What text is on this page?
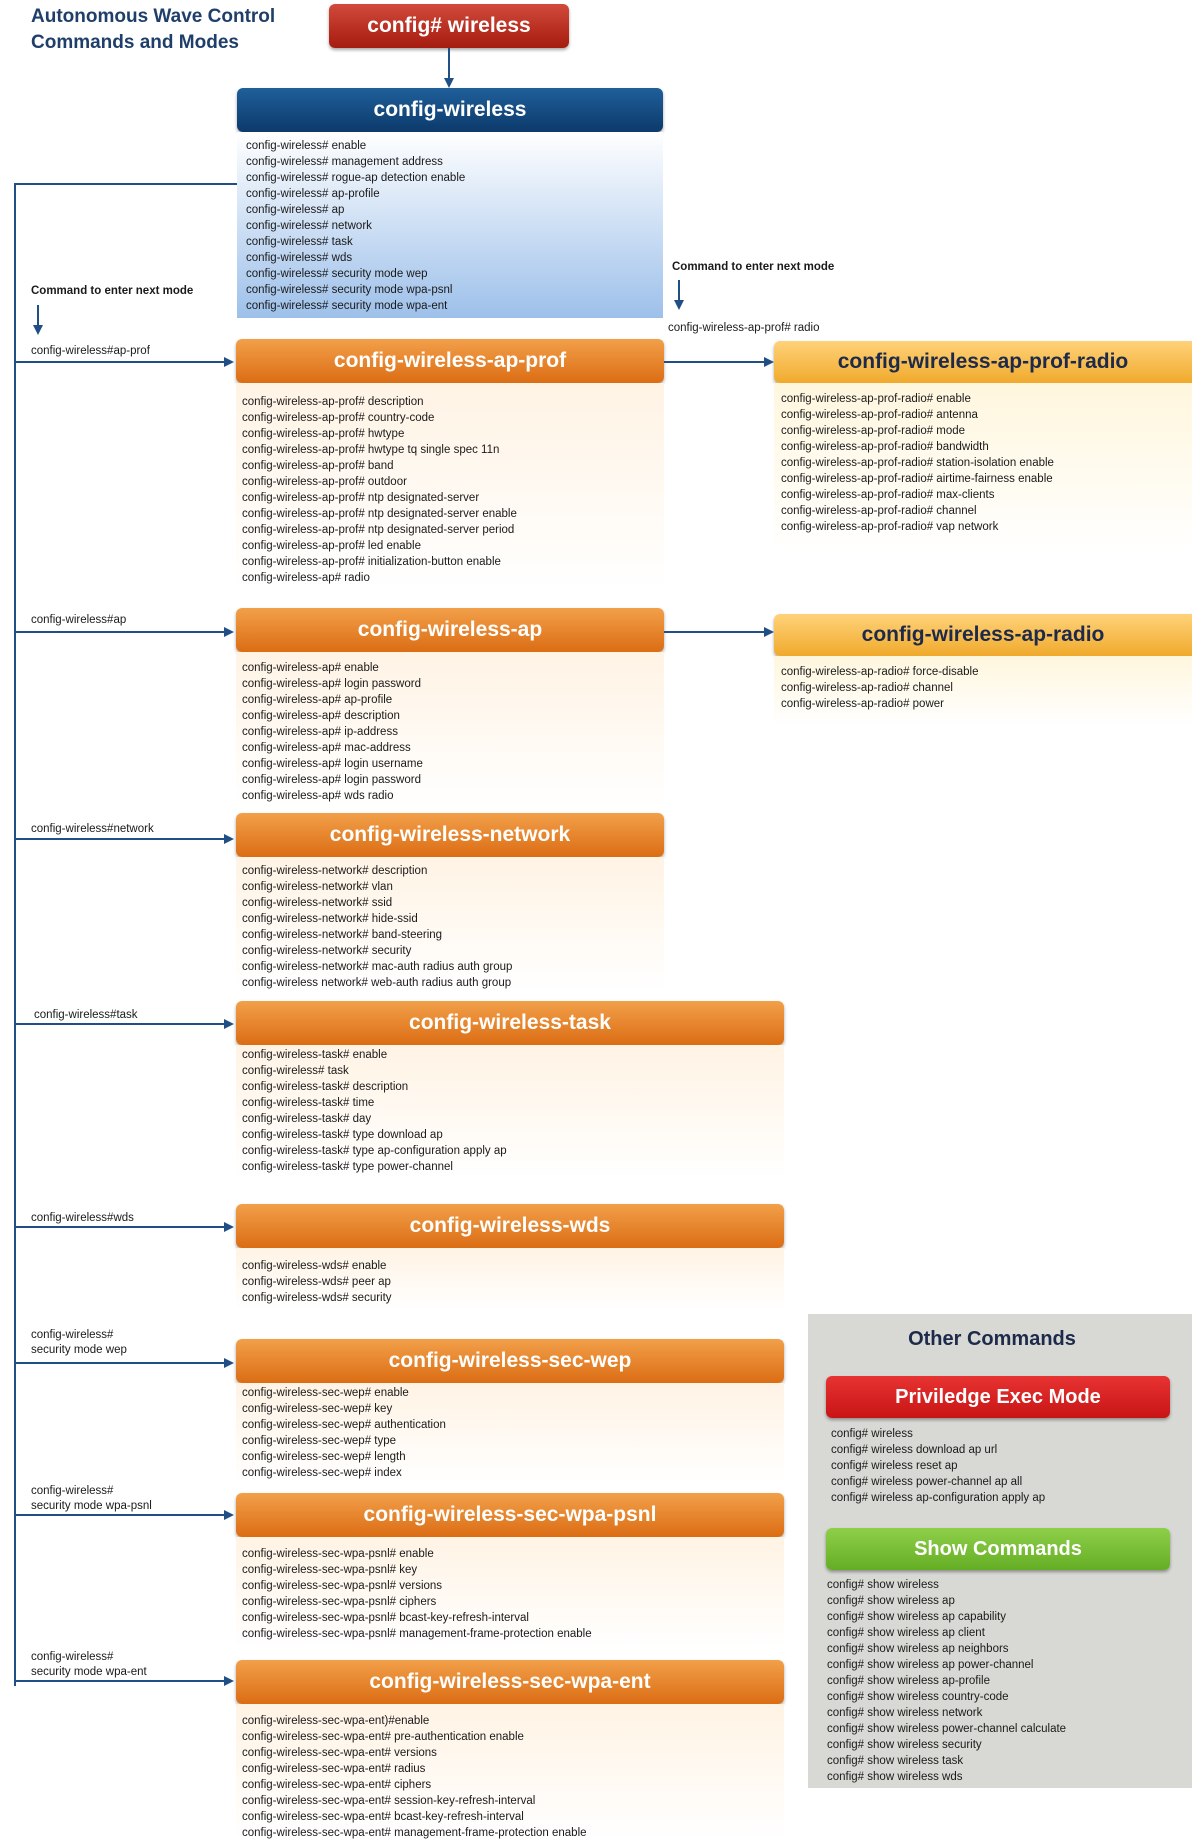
Autonomous Wave Control
Commands and Modes
config# wireless
config-wireless
config-wireless# enable
config-wireless# management address
config-wireless# rogue-ap detection enable
config-wireless# ap-profile
config-wireless# ap
config-wireless# network
config-wireless# task
config-wireless# wds
config-wireless# security mode wep
config-wireless# security mode wpa-psnl
config-wireless# security mode wpa-ent
Command to enter next mode
Command to enter next mode
config-wireless#ap-prof	config-wireless-ap-prof
config-wireless-ap-prof# description
config-wireless-ap-prof# country-code
config-wireless-ap-prof# hwtype
config-wireless-ap-prof# hwtype tq single spec 11n
config-wireless-ap-prof# band
config-wireless-ap-prof# outdoor
config-wireless-ap-prof# ntp designated-server
config-wireless-ap-prof# ntp designated-server enable
config-wireless-ap-prof# ntp designated-server period
config-wireless-ap-prof# led enable
config-wireless-ap-prof# initialization-button enable
config-wireless-ap# radio
config-wireless-ap-prof# radio
config-wireless-ap-prof-radio
config-wireless-ap-prof-radio# enable
config-wireless-ap-prof-radio# antenna
config-wireless-ap-prof-radio# mode
config-wireless-ap-prof-radio# bandwidth
config-wireless-ap-prof-radio# station-isolation enable
config-wireless-ap-prof-radio# airtime-fairness enable
config-wireless-ap-prof-radio# max-clients
config-wireless-ap-prof-radio# channel
config-wireless-ap-prof-radio# vap network
config-wireless#ap	config-wireless-ap
config-wireless-ap# enable
config-wireless-ap# login password
config-wireless-ap# ap-profile
config-wireless-ap# description
config-wireless-ap# ip-address
config-wireless-ap# mac-address
config-wireless-ap# login username
config-wireless-ap# login password
config-wireless-ap# wds radio
config-wireless-ap-radio
config-wireless-ap-radio# force-disable
config-wireless-ap-radio# channel
config-wireless-ap-radio# power
config-wireless#network	config-wireless-network
config-wireless-network# description
config-wireless-network# vlan
config-wireless-network# ssid
config-wireless-network# hide-ssid
config-wireless-network# band-steering
config-wireless-network# security
config-wireless-network# mac-auth radius auth group
config-wireless network# web-auth radius auth group
config-wireless#task	config-wireless-task
config-wireless-task# enable
config-wireless# task
config-wireless-task# description
config-wireless-task# time
config-wireless-task# day
config-wireless-task# type download ap
config-wireless-task# type ap-configuration apply ap
config-wireless-task# type power-channel
config-wireless#wds	config-wireless-wds
config-wireless-wds# enable
config-wireless-wds# peer ap
config-wireless-wds# security
config-wireless#
security mode wep	config-wireless-sec-wep
config-wireless-sec-wep# enable
config-wireless-sec-wep# key
config-wireless-sec-wep# authentication
config-wireless-sec-wep# type
config-wireless-sec-wep# length
config-wireless-sec-wep# index
config-wireless#
security mode wpa-psnl	config-wireless-sec-wpa-psnl
config-wireless-sec-wpa-psnl# enable
config-wireless-sec-wpa-psnl# key
config-wireless-sec-wpa-psnl# versions
config-wireless-sec-wpa-psnl# ciphers
config-wireless-sec-wpa-psnl# bcast-key-refresh-interval
config-wireless-sec-wpa-psnl# management-frame-protection enable
config-wireless#
security mode wpa-ent	config-wireless-sec-wpa-ent
config-wireless-sec-wpa-ent)#enable
config-wireless-sec-wpa-ent# pre-authentication enable
config-wireless-sec-wpa-ent# versions
config-wireless-sec-wpa-ent# radius
config-wireless-sec-wpa-ent# ciphers
config-wireless-sec-wpa-ent# session-key-refresh-interval
config-wireless-sec-wpa-ent# bcast-key-refresh-interval
config-wireless-sec-wpa-ent# management-frame-protection enable
Other Commands
Priviledge Exec Mode
config# wireless
config# wireless download ap url
config# wireless reset ap
config# wireless power-channel ap all
config# wireless ap-configuration apply ap
Show Commands
config# show wireless
config# show wireless ap
config# show wireless ap capability
config# show wireless ap client
config# show wireless ap neighbors
config# show wireless ap power-channel
config# show wireless ap-profile
config# show wireless country-code
config# show wireless network
config# show wireless power-channel calculate
config# show wireless security
config# show wireless task
config# show wireless wds
